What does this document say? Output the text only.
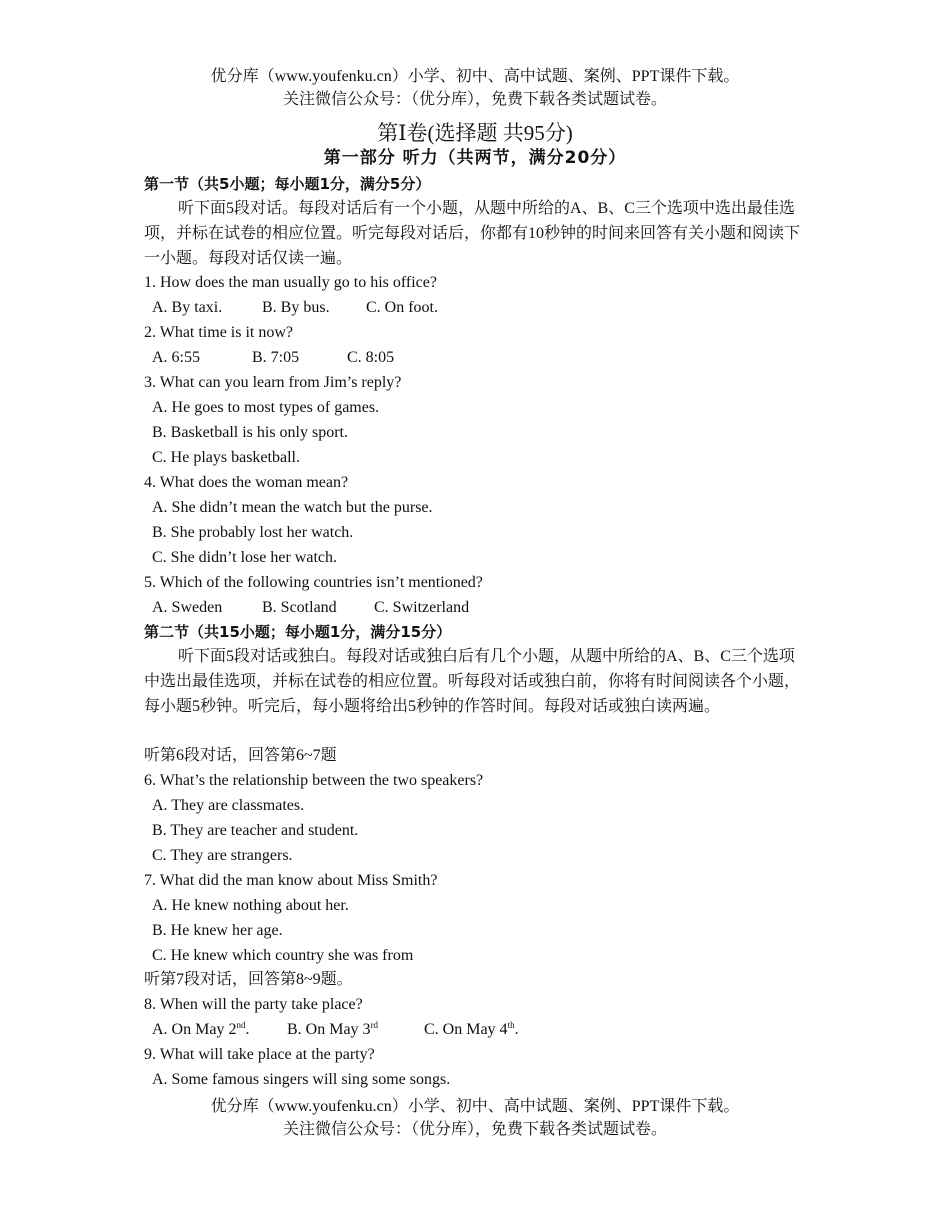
优分库（www.youfenku.cn）小学、初中、高中试题、案例、PPT课件下载。
关注微信公众号：（优分库），免费下载各类试题试卷。
第Ⅰ卷(选择题 共95分)
第一部分 听力（共两节，满分20分）
第一节（共5小题；每小题1分，满分5分）
听下面5段对话。每段对话后有一个小题，从题中所给的A、B、C三个选项中选出最佳选项，并标在试卷的相应位置。听完每段对话后，你都有10秒钟的时间来回答有关小题和阅读下一小题。每段对话仅读一遍。
1. How does the man usually go to his office?
A. By taxi. B. By bus. C. On foot.
2. What time is it now?
A. 6:55	B. 7:05	C. 8:05
3. What can you learn from Jim’s reply?
A. He goes to most types of games.
B. Basketball is his only sport.
C. He plays basketball.
4. What does the woman mean?
A. She didn’t mean the watch but the purse.
B. She probably lost her watch.
C. She didn’t lose her watch.
5. Which of the following countries isn’t mentioned?
A. Sweden B. Scotland C. Switzerland
第二节（共15小题；每小题1分，满分15分）
听下面5段对话或独白。每段对话或独白后有几个小题，从题中所给的A、B、C三个选项中选出最佳选项，并标在试卷的相应位置。听每段对话或独白前，你将有时间阅读各个小题，每小题5秒钟。听完后，每小题将给出5秒钟的作答时间。每段对话或独白读两遍。
听第6段对话，回答第6~7题
6. What’s the relationship between the two speakers?
A. They are classmates.
B. They are teacher and student.
C. They are strangers.
7. What did the man know about Miss Smith?
A. He knew nothing about her.
B. He knew her age.
C. He knew which country she was from
听第7段对话，回答第8~9题。
8. When will the party take place?
A. On May 2nd. B. On May 3rd	C. On May 4th.
9. What will take place at the party?
A. Some famous singers will sing some songs.
优分库（www.youfenku.cn）小学、初中、高中试题、案例、PPT课件下载。
关注微信公众号：（优分库），免费下载各类试题试卷。
